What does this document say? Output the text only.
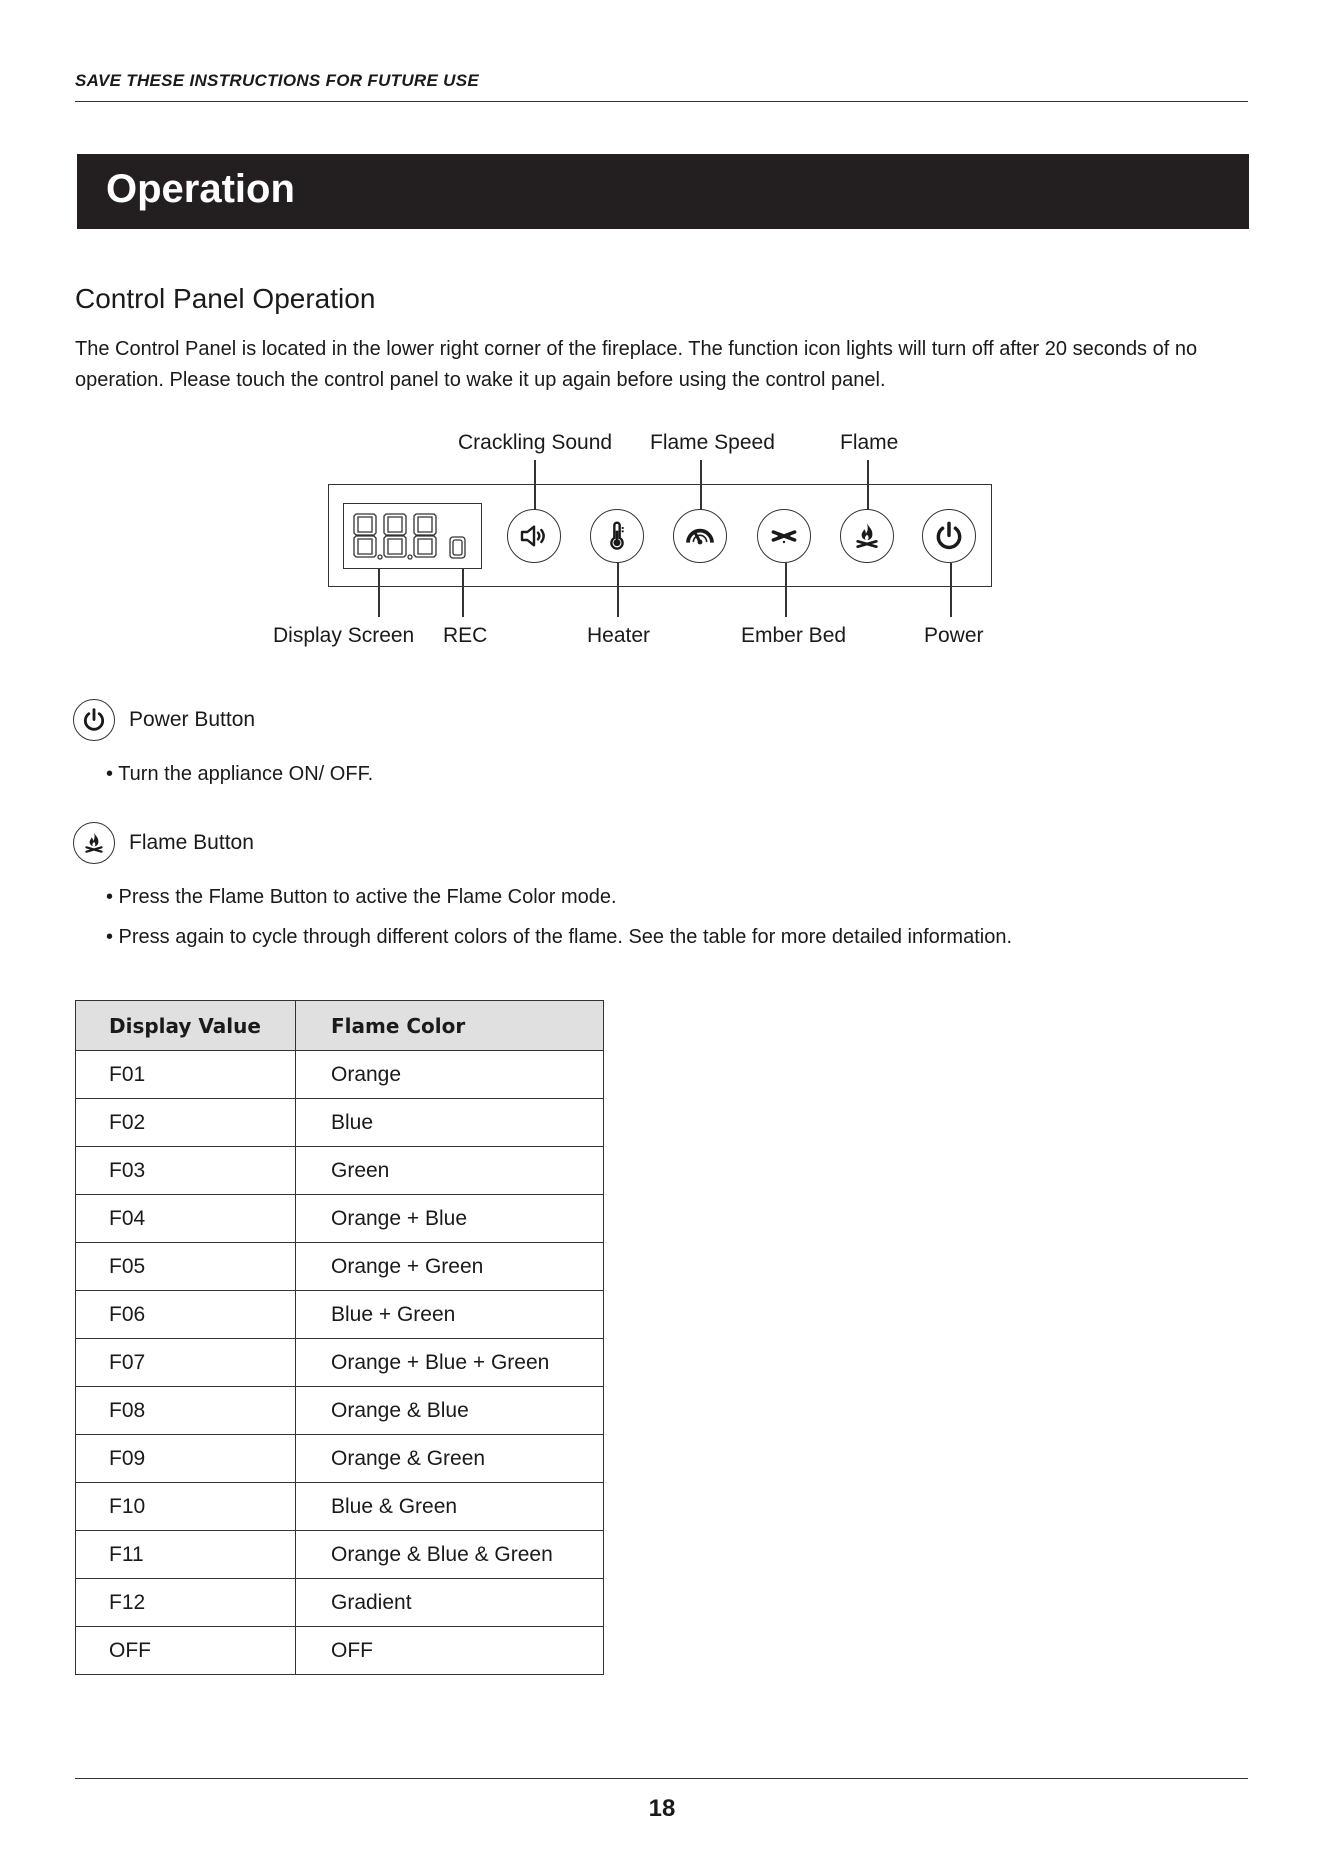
SAVE THESE INSTRUCTIONS FOR FUTURE USE
Operation
Control Panel Operation
The Control Panel is located in the lower right corner of the fireplace. The function icon lights will turn off after 20 seconds of no operation. Please touch the control panel to wake it up again before using the control panel.
Crackling Sound Flame Speed	Flame
Display Screen REC	Heater	Ember Bed	Power
Power Button
• Turn the appliance ON/ OFF.
Flame Button
• Press the Flame Button to active the Flame Color mode.
• Press again to cycle through different colors of the flame. See the table for more detailed information.
Display Value	Flame Color
F01	Orange
F02	Blue
F03	Green
F04	Orange + Blue
F05	Orange + Green
F06	Blue + Green
F07	Orange + Blue + Green
F08	Orange & Blue
F09	Orange & Green
F10	Blue & Green
F11	Orange & Blue & Green
F12	Gradient
OFF	OFF
18
